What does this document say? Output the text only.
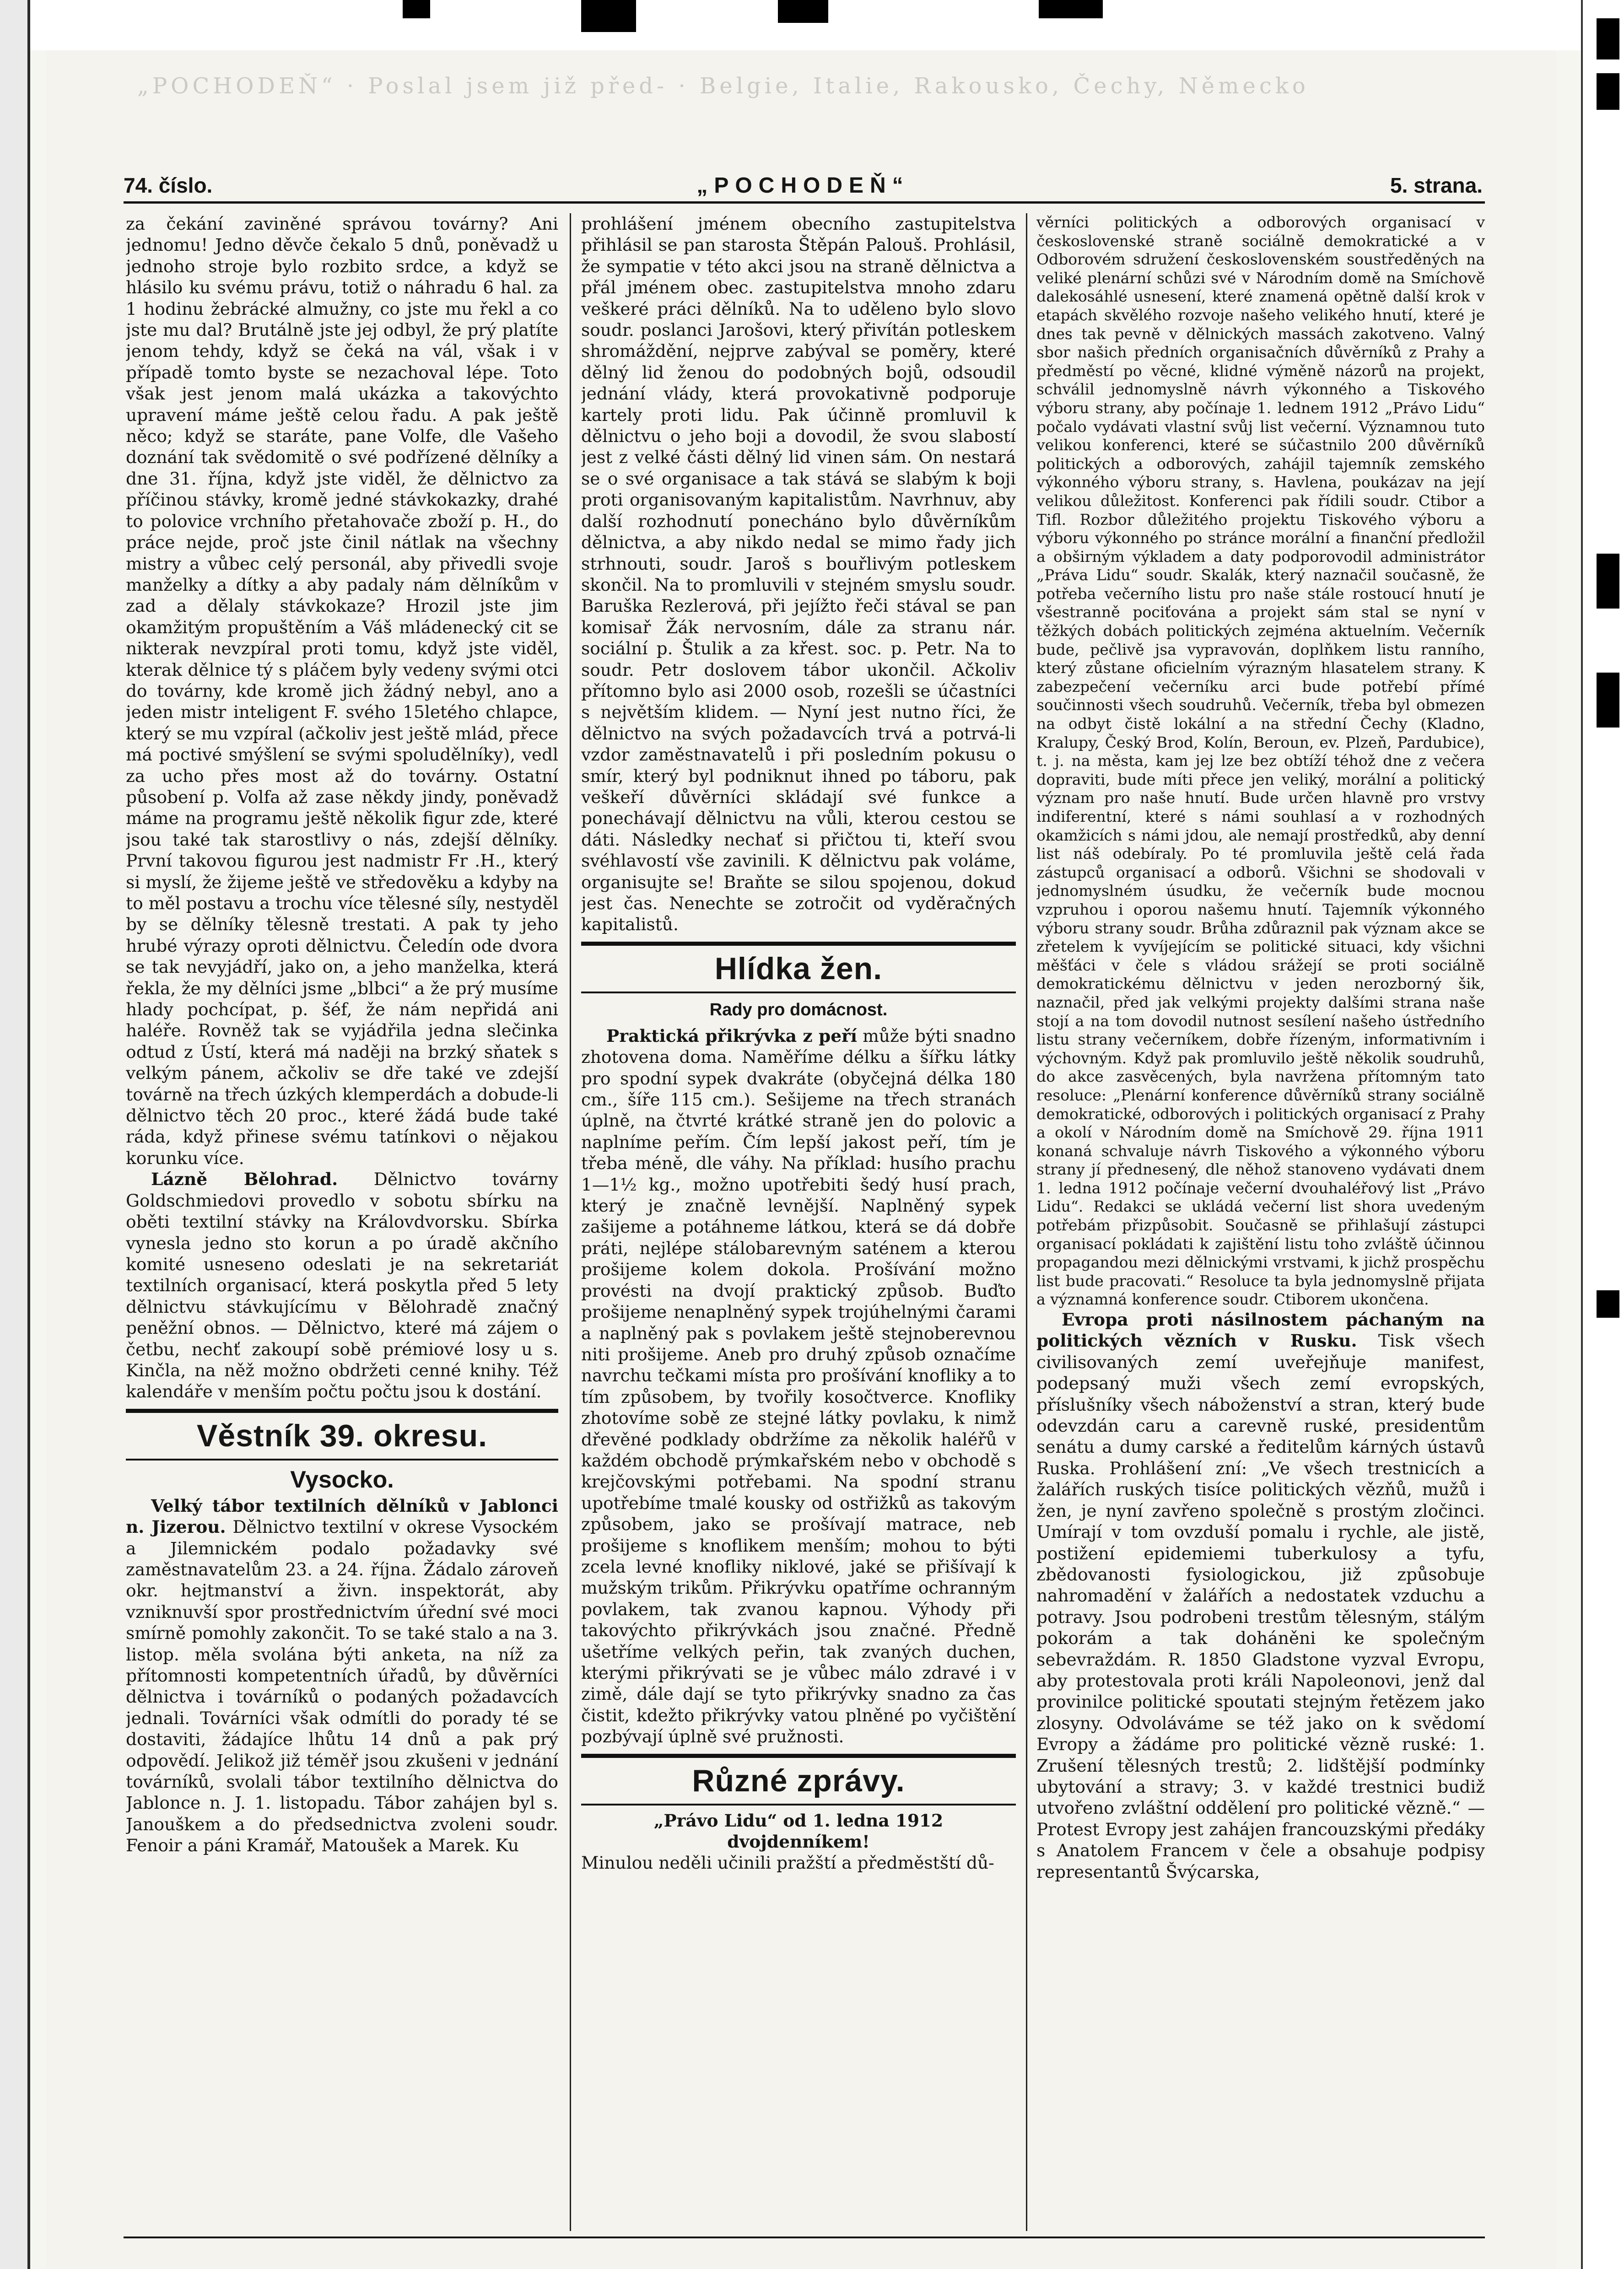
„POCHODEŇ“ · Poslal jsem již před- · Belgie, Italie, Rakousko, Čechy, Německo
74. číslo.	„POCHODEŇ“	5. strana.

za čekání zaviněné správou továrny? Ani jednomu! Jedno děvče čekalo 5 dnů, poněvadž u jednoho stroje bylo rozbito srdce, a když se hlásilo ku svému právu, totiž o náhradu 6 hal. za 1 hodinu žebrácké almužny, co jste mu řekl a co jste mu dal? Brutálně jste jej odbyl, že prý platíte jenom tehdy, když se čeká na vál, však i v případě tomto byste se nezachoval lépe. Toto však jest jenom malá ukázka a takovýchto upravení máme ještě celou řadu. A pak ještě něco; když se staráte, pane Volfe, dle Vašeho doznání tak svědomitě o své podřízené dělníky a dne 31. října, když jste viděl, že dělnictvo za příčinou stávky, kromě jedné stávkokazky, drahé to polovice vrchního přetahovače zboží p. H., do práce nejde, proč jste činil nátlak na všechny mistry a vůbec celý personál, aby přivedli svoje manželky a dítky a aby padaly nám dělníkům v zad a dělaly stávkokaze? Hrozil jste jim okamžitým propuštěním a Váš mládenecký cit se nikterak nevzpíral proti tomu, když jste viděl, kterak dělnice tý s pláčem byly vedeny svými otci do továrny, kde kromě jich žádný nebyl, ano a jeden mistr inteligent F. svého 15letého chlapce, který se mu vzpíral (ačkoliv jest ještě mlád, přece má poctivé smýšlení se svými spoludělníky), vedl za ucho přes most až do továrny. Ostatní působení p. Volfa až zase někdy jindy, poněvadž máme na programu ještě několik figur zde, které jsou také tak starostlivy o nás, zdejší dělníky. První takovou figurou jest nadmistr Fr .H., který si myslí, že žijeme ještě ve středověku a kdyby na to měl postavu a trochu více tělesné síly, nestyděl by se dělníky tělesně trestati. A pak ty jeho hrubé výrazy oproti dělnictvu. Čeledín ode dvora se tak nevyjádří, jako on, a jeho manželka, která řekla, že my dělníci jsme „blbci“ a že prý musíme hlady pochcípat, p. šéf, že nám nepřidá ani haléře. Rovněž tak se vyjádřila jedna slečinka odtud z Ústí, která má naději na brzký sňatek s velkým pánem, ačkoliv se dře také ve zdejší továrně na třech úzkých klemperdách a dobude-li dělnictvo těch 20 proc., které žádá bude také ráda, když přinese svému tatínkovi o nějakou korunku více.

Lázně Bělohrad. Dělnictvo továrny Goldschmiedovi provedlo v sobotu sbírku na oběti textilní stávky na Královdvorsku. Sbírka vynesla jedno sto korun a po úradě akčního komité usneseno odeslati je na sekretariát textilních organisací, která poskytla před 5 lety dělnictvu stávkujícímu v Bělohradě značný peněžní obnos. — Dělnictvo, které má zájem o četbu, nechť zakoupí sobě prémiové losy u s. Kinčla, na něž možno obdržeti cenné knihy. Též kalendáře v menším počtu počtu jsou k dostání.

Věstník 39. okresu.
Vysocko.

Velký tábor textilních dělníků v Jablonci n. Jizerou. Dělnictvo textilní v okrese Vysockém a Jilemnickém podalo požadavky své zaměstnavatelům 23. a 24. října. Žádalo zároveň okr. hejtmanství a živn. inspektorát, aby vzniknuvší spor prostřednictvím úřední své moci smírně pomohly zakončit. To se také stalo a na 3. listop. měla svolána býti anketa, na níž za přítomnosti kompetentních úřadů, by důvěrníci dělnictva i továrníků o podaných požadavcích jednali. Továrníci však odmítli do porady té se dostaviti, žádajíce lhůtu 14 dnů a pak prý odpovědí. Jelikož již téměř jsou zkušeni v jednání továrníků, svolali tábor textilního dělnictva do Jablonce n. J. 1. listopadu. Tábor zahájen byl s. Janouškem a do předsednictva zvoleni soudr. Fenoir a páni Kramář, Matoušek a Marek. Ku

prohlášení jménem obecního zastupitelstva přihlásil se pan starosta Štěpán Palouš. Prohlásil, že sympatie v této akci jsou na straně dělnictva a přál jménem obec. zastupitelstva mnoho zdaru veškeré práci dělníků. Na to uděleno bylo slovo soudr. poslanci Jarošovi, který přivítán potleskem shromáždění, nejprve zabýval se poměry, které dělný lid ženou do podobných bojů, odsoudil jednání vlády, která provokativně podporuje kartely proti lidu. Pak účinně promluvil k dělnictvu o jeho boji a dovodil, že svou slabostí jest z velké části dělný lid vinen sám. On nestará se o své organisace a tak stává se slabým k boji proti organisovaným kapitalistům. Navrhnuv, aby další rozhodnutí ponecháno bylo důvěrníkům dělnictva, a aby nikdo nedal se mimo řady jich strhnouti, soudr. Jaroš s bouřlivým potleskem skončil. Na to promluvili v stejném smyslu soudr. Baruška Rezlerová, při jejížto řeči stával se pan komisař Žák nervosním, dále za stranu nár. sociální p. Štulik a za křest. soc. p. Petr. Na to soudr. Petr doslovem tábor ukončil. Ačkoliv přítomno bylo asi 2000 osob, rozešli se účastníci s největším klidem. — Nyní jest nutno říci, že dělnictvo na svých požadavcích trvá a potrvá-li vzdor zaměstnavatelů i při posledním pokusu o smír, který byl podniknut ihned po táboru, pak veškeří důvěrníci skládají své funkce a ponechávají dělnictvu na vůli, kterou cestou se dáti. Následky nechať si přičtou ti, kteří svou svéhlavostí vše zavinili. K dělnictvu pak voláme, organisujte se! Braňte se silou spojenou, dokud jest čas. Nenechte se zotročit od vyděračných kapitalistů.

Hlídka žen.
Rady pro domácnost.

Praktická přikrývka z peří může býti snadno zhotovena doma. Naměříme délku a šířku látky pro spodní sypek dvakráte (obyčejná délka 180 cm., šíře 115 cm.). Sešijeme na třech stranách úplně, na čtvrté krátké straně jen do polovic a naplníme peřím. Čím lepší jakost peří, tím je třeba méně, dle váhy. Na příklad: husího prachu 1—1½ kg., možno upotřebiti šedý husí prach, který je značně levnější. Naplněný sypek zašijeme a potáhneme látkou, která se dá dobře práti, nejlépe stálobarevným saténem a kterou prošijeme kolem dokola. Prošívání možno provésti na dvojí praktický způsob. Buďto prošijeme nenaplněný sypek trojúhelnými čarami a naplněný pak s povlakem ještě stejnoberevnou niti prošijeme. Aneb pro druhý způsob označíme navrchu tečkami místa pro prošívání knofliky a to tím způsobem, by tvořily kosočtverce. Knofliky zhotovíme sobě ze stejné látky povlaku, k nimž dřevěné podklady obdržíme za několik haléřů v každém obchodě prýmkařském nebo v obchodě s krejčovskými potřebami. Na spodní stranu upotřebíme tmalé kousky od ostřižků as takovým způsobem, jako se prošívají matrace, neb prošijeme s knoflikem menším; mohou to býti zcela levné knofliky niklové, jaké se přišívají k mužským trikům. Přikrývku opatříme ochranným povlakem, tak zvanou kapnou. Výhody při takovýchto přikrývkách jsou značné. Předně ušetříme velkých peřin, tak zvaných duchen, kterými přikrývati se je vůbec málo zdravé i v zimě, dále dají se tyto přikrývky snadno za čas čistit, kdežto přikrývky vatou plněné po vyčištění pozbývají úplně své pružnosti.

Různé zprávy.

„Právo Lidu“ od 1. ledna 1912 dvojdenníkem!

Minulou neděli učinili pražští a předměstští dů-

věrníci politických a odborových organisací v československé straně sociálně demokratické a v Odborovém sdružení československém soustředěných na veliké plenární schůzi své v Národním domě na Smíchově dalekosáhlé usnesení, které znamená opětně další krok v etapách skvělého rozvoje našeho velikého hnutí, které je dnes tak pevně v dělnických massách zakotveno. Valný sbor našich předních organisačních důvěrníků z Prahy a předměstí po věcné, klidné výměně názorů na projekt, schválil jednomyslně návrh výkonného a Tiskového výboru strany, aby počínaje 1. lednem 1912 „Právo Lidu“ počalo vydávati vlastní svůj list večerní. Významnou tuto velikou konferenci, které se súčastnilo 200 důvěrníků politických a odborových, zahájil tajemník zemského výkonného výboru strany, s. Havlena, poukázav na její velikou důležitost. Konferenci pak řídili soudr. Ctibor a Tifl. Rozbor důležitého projektu Tiskového výboru a výboru výkonného po stránce morální a finanční předložil a obširným výkladem a daty podporovodil administrátor „Práva Lidu“ soudr. Skalák, který naznačil současně, že potřeba večerního listu pro naše stále rostoucí hnutí je všestranně pociťována a projekt sám stal se nyní v těžkých dobách politických zejména aktuelním. Večerník bude, pečlivě jsa vypravován, doplňkem listu ranního, který zůstane oficielním výrazným hlasatelem strany. K zabezpečení večerníku arci bude potřebí přímé součinnosti všech soudruhů. Večerník, třeba byl obmezen na odbyt čistě lokální a na střední Čechy (Kladno, Kralupy, Český Brod, Kolín, Beroun, ev. Plzeň, Pardubice), t. j. na města, kam jej lze bez obtíží téhož dne z večera dopraviti, bude míti přece jen veliký, morální a politický význam pro naše hnutí. Bude určen hlavně pro vrstvy indiferentní, které s námi souhlasí a v rozhodných okamžicích s námi jdou, ale nemají prostředků, aby denní list náš odebíraly. Po té promluvila ještě celá řada zástupců organisací a odborů. Všichni se shodovali v jednomyslném úsudku, že večerník bude mocnou vzpruhou i oporou našemu hnutí. Tajemník výkonného výboru strany soudr. Brůha zdůraznil pak význam akce se zřetelem k vyvíjejícím se politické situaci, kdy všichni měšťáci v čele s vládou srážejí se proti sociálně demokratickému dělnictvu v jeden nerozborný šik, naznačil, před jak velkými projekty dalšími strana naše stojí a na tom dovodil nutnost sesílení našeho ústředního listu strany večerníkem, dobře řízeným, informativním i výchovným. Když pak promluvilo ještě několik soudruhů, do akce zasvěcených, byla navržena přítomným tato resoluce: „Plenární konference důvěrníků strany sociálně demokratické, odborových i politických organisací z Prahy a okolí v Národním domě na Smíchově 29. října 1911 konaná schvaluje návrh Tiskového a výkonného výboru strany jí přednesený, dle něhož stanoveno vydávati dnem 1. ledna 1912 počínaje večerní dvouhaléřový list „Právo Lidu“. Redakci se ukládá večerní list shora uvedeným potřebám přizpůsobit. Současně se přihlašují zástupci organisací pokládati k zajištění listu toho zvláště účinnou propagandou mezi dělnickými vrstvami, k jichž prospěchu list bude pracovati.“ Resoluce ta byla jednomyslně přijata a významná konference soudr. Ctiborem ukončena.

Evropa proti násilnostem páchaným na politických vězních v Rusku. Tisk všech civilisovaných zemí uveřejňuje manifest, podepsaný muži všech zemí evropských, příslušníky všech náboženství a stran, který bude odevzdán caru a carevně ruské, presidentům senátu a dumy carské a ředitelům kárných ústavů Ruska. Prohlášení zní: „Ve všech trestnicích a žalářích ruských tisíce politických vězňů, mužů i žen, je nyní zavřeno společně s prostým zločinci. Umírají v tom ovzduší pomalu i rychle, ale jistě, postižení epidemiemi tuberkulosy a tyfu, zbědovanosti fysiologickou, již způsobuje nahromadění v žalářích a nedostatek vzduchu a potravy. Jsou podrobeni trestům tělesným, stálým pokorám a tak doháněni ke společným sebevraždám. R. 1850 Gladstone vyzval Evropu, aby protestovala proti králi Napoleonovi, jenž dal provinilce politické spoutati stejným řetězem jako zlosyny. Odvoláváme se též jako on k svědomí Evropy a žádáme pro politické vězně ruské: 1. Zrušení tělesných trestů; 2. lidštější podmínky ubytování a stravy; 3. v každé trestnici budiž utvořeno zvláštní oddělení pro politické vězně.“ — Protest Evropy jest zahájen francouzskými předáky s Anatolem Francem v čele a obsahuje podpisy representantů Švýcarska,
